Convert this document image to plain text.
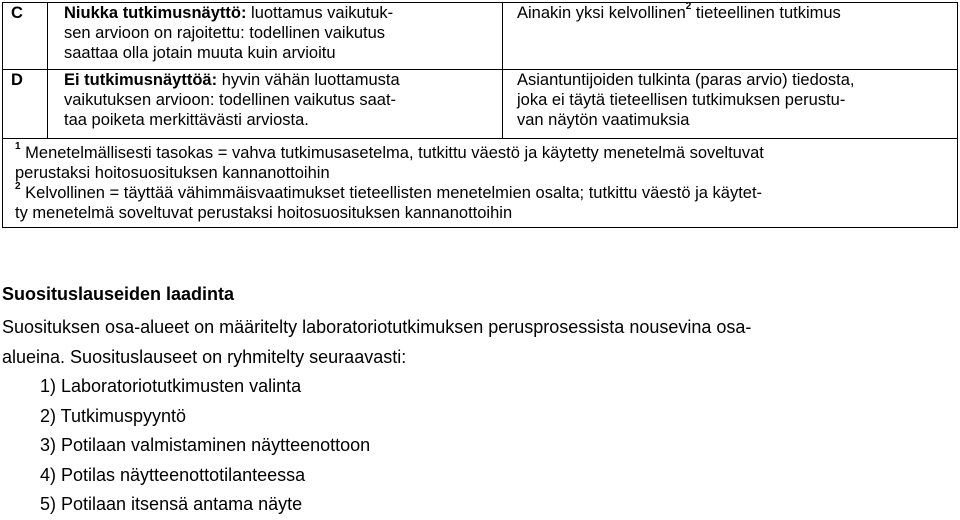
C	Niukka tutkimusnäyttö: luottamus vaikutuk-
sen arvioon on rajoitettu: todellinen vaikutus
saattaa olla jotain muuta kuin arvioitu	Ainakin yksi kelvollinen$^2$ tieteellinen tutkimus

D	Ei tutkimusnäyttöä: hyvin vähän luottamusta
vaikutuksen arvioon: todellinen vaikutus saat-
taa poiketa merkittävästi arviosta.	Asiantuntijoiden tulkinta (paras arvio) tiedosta,
joka ei täytä tieteellisen tutkimuksen perustu-
van näytön vaatimuksia

$^1$ Menetelmällisesti tasokas = vahva tutkimusasetelma, tutkittu väestö ja käytetty menetelmä soveltuvat
perustaksi hoitosuosituksen kannanottoihin
$^2$ Kelvollinen = täyttää vähimmäisvaatimukset tieteellisten menetelmien osalta; tutkittu väestö ja käytet-
ty menetelmä soveltuvat perustaksi hoitosuosituksen kannanottoihin		
Suosituslauseiden laadinta

Suosituksen osa-alueet on määritelty laboratoriotutkimuksen perusprosessista nousevina osa-
alueina. Suosituslauseet on ryhmitelty seuraavasti:

1) Laboratoriotutkimusten valinta
2) Tutkimuspyyntö
3) Potilaan valmistaminen näytteenottoon
4) Potilas näytteenottotilanteessa
5) Potilaan itsensä antama näyte
